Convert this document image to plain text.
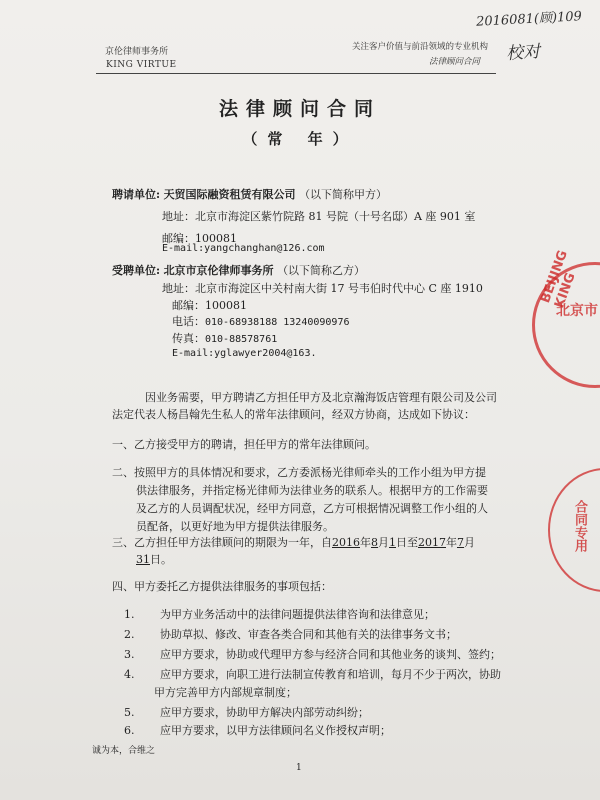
2016081(顾)109
校对
京伦律师事务所
KING VIRTUE
关注客户价值与前沿领域的专业机构
法律顾问合同
法律顾问合同
（常 年）
聘请单位: 天贸国际融资租赁有限公司 （以下简称甲方）
地址：北京市海淀区紫竹院路 81 号院（十号名邸）A 座 901 室
邮编：100081
E-mail:yangchanghan@126.com
受聘单位: 北京市京伦律师事务所 （以下简称乙方）
地址：北京市海淀区中关村南大街 17 号韦伯时代中心 C 座 1910
邮编：100081
电话：010-68938188 13240090976
传真：010-88578761
E-mail:yglawyer2004@163.
因业务需要，甲方聘请乙方担任甲方及北京瀚海饭店管理有限公司及公司
法定代表人杨昌翰先生私人的常年法律顾问，经双方协商，达成如下协议：
一、乙方接受甲方的聘请，担任甲方的常年法律顾问。
二、按照甲方的具体情况和要求，乙方委派杨光律师牵头的工作小组为甲方提
供法律服务，并指定杨光律师为法律业务的联系人。根据甲方的工作需要
及乙方的人员调配状况，经甲方同意，乙方可根据情况调整工作小组的人
员配备，以更好地为甲方提供法律服务。
三、乙方担任甲方法律顾问的期限为一年，自2016年8月1日至2017年7月
31日。
四、甲方委托乙方提供法律服务的事项包括：
1. 为甲方业务活动中的法律问题提供法律咨询和法律意见；
2. 协助草拟、修改、审查各类合同和其他有关的法律事务文书；
3. 应甲方要求，协助或代理甲方参与经济合同和其他业务的谈判、签约；
4. 应甲方要求，向职工进行法制宣传教育和培训，每月不少于两次，协助
甲方完善甲方内部规章制度；
5. 应甲方要求，协助甲方解决内部劳动纠纷；
6. 应甲方要求，以甲方法律顾问名义作授权声明；
诚为本，合维之
1
BEIJING KING
北京市
合同专用
